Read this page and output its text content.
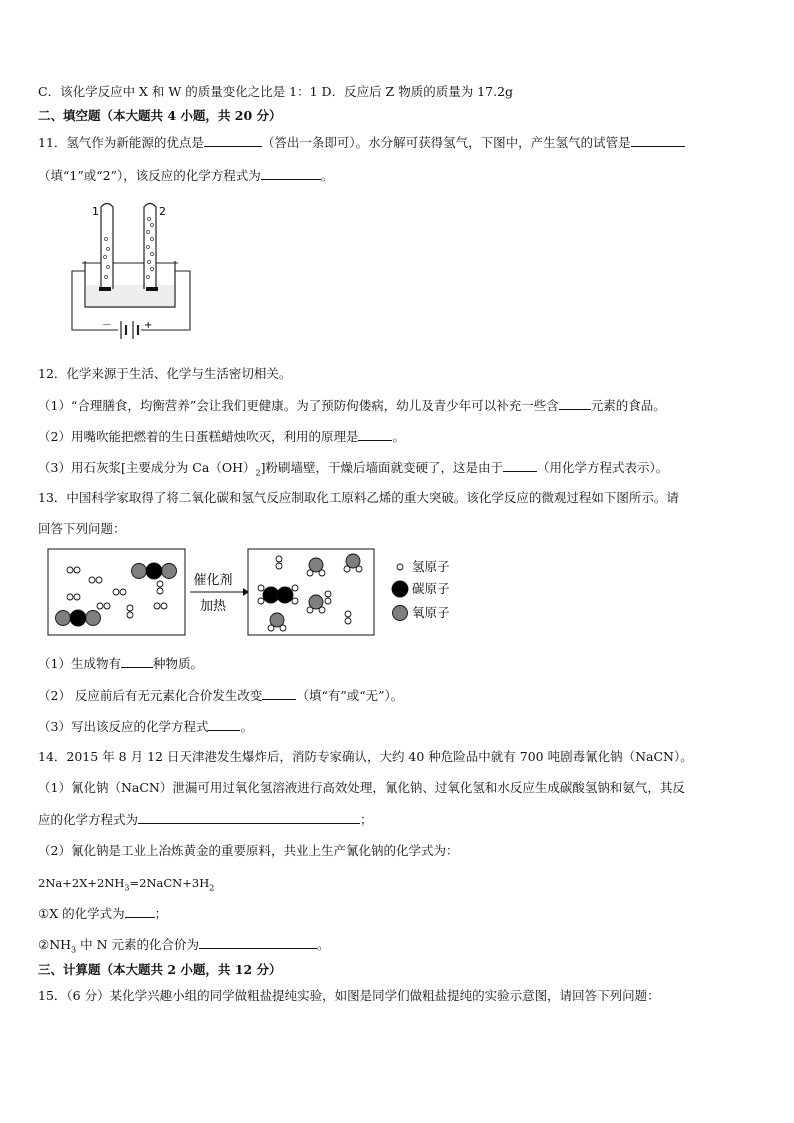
C．该化学反应中 X 和 W 的质量变化之比是 1：1 D．反应后 Z 物质的质量为 17.2g
二、填空题（本大题共 4 小题，共 20 分）
11．氢气作为新能源的优点是	（答出一条即可）。水分解可获得氢气，下图中，产生氢气的试管是
（填“1”或“2”），该反应的化学方程式为	。
1	2
－	+
12．化学来源于生活、化学与生活密切相关。
（1）“合理膳食，均衡营养”会让我们更健康。为了预防佝偻病，幼儿及青少年可以补充一些含	元素的食品。
（2）用嘴吹能把燃着的生日蛋糕蜡烛吹灭，利用的原理是	。
（3）用石灰浆[主要成分为 $Ca(OH)_2$]粉刷墙壁，干燥后墙面就变硬了，这是由于	（用化学方程式表示）。
13．中国科学家取得了将二氧化碳和氢气反应制取化工原料乙烯的重大突破。该化学反应的微观过程如下图所示。请
回答下列问题：
催化剂
加热
氢原子
碳原子
氧原子
（1）生成物有	种物质。
（2） 反应前后有无元素化合价发生改变	（填“有”或“无”）。
（3）写出该反应的化学方程式	。
14．2015 年 8 月 12 日天津港发生爆炸后，消防专家确认，大约 40 种危险品中就有 700 吨剧毒氰化钠（NaCN）。
（1）氰化钠（NaCN）泄漏可用过氧化氢溶液进行高效处理，氰化钠、过氧化氢和水反应生成碳酸氢钠和氨气，其反
应的化学方程式为	；
（2）氰化钠是工业上冶炼黄金的重要原料，共业上生产氰化钠的化学式为：
$2Na+2X+2NH_3=2NaCN+3H_2$
①X 的化学式为 ；
$②NH_3$ 中 N 元素的化合价为	。
三、计算题（本大题共 2 小题，共 12 分）
15．（6 分）某化学兴趣小组的同学做粗盐提纯实验，如图是同学们做粗盐提纯的实验示意图，请回答下列问题：
